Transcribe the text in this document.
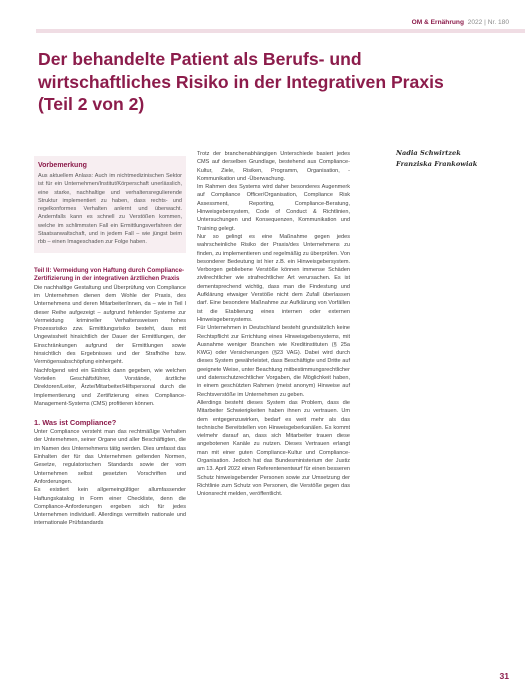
OM & Ernährung 2022 | Nr. 180
Der behandelte Patient als Berufs- und wirtschaftliches Risiko in der Integrativen Praxis (Teil 2 von 2)
Vorbemerkung

Aus aktuellem Anlass: Auch im nichtmedizinischen Sektor ist für ein Unternehmen/Institut/Körperschaft unerlässlich, eine starke, nachhaltige und verhaltensregulierende Struktur implementiert zu haben, dass rechts- und regelkonformes Verhalten anlernt und überwacht. Andernfalls kann es schnell zu Verstößen kommen, welche im schlimmsten Fall ein Ermittlungsverfahren der Staatsanwaltschaft, und in jedem Fall – wie jüngst beim rbb – einen Imageschaden zur Folge haben.

Teil II: Vermeidung von Haftung durch Compliance-Zertifizierung in der integrativen ärztlichen Praxis

Die nachhaltige Gestaltung und Überprüfung von Compliance im Unternehmen dienen dem Wohle der Praxis, des Unternehmens und deren Mitarbeiter/innen, da – wie in Teil I dieser Reihe aufgezeigt – aufgrund fehlender Systeme zur Vermeidung krimineller Verhaltensweisen hohes Prozessrisiko zzw. Ermittlungsrisiko besteht, dass mit Ungewissheit hinsichtlich der Dauer der Ermittlungen, der Einschränkungen aufgrund der Ermittlungen sowie hinsichtlich des Ergebnisses und der Strafhöhe bzw. Vermögensabschöpfung einhergeht.

Nachfolgend wird ein Einblick dann gegeben, wie welchen Vorteilen Geschäftsführer, Vorstände, ärztliche Direktoren/Leiter, Ärzte/Mitarbeiter/Hilfspersonal durch die Implementierung und Zertifizierung eines Compliance-Management-Systems (CMS) profitieren können.

1. Was ist Compliance?

Unter Compliance versteht man das rechtmäßige Verhalten der Unternehmen, seiner Organe und aller Beschäftigten, die im Namen des Unternehmens tätig werden. Dies umfasst das Einhalten der für das Unternehmen geltenden Normen, Gesetze, regulatorischen Standards sowie der vom Unternehmen selbst gesetzten Vorschriften und Anforderungen.

Es existiert kein allgemeingültiger allumfassender Haftungskatalog in Form einer Checkliste, denn die Compliance-Anforderungen ergeben sich für jedes Unternehmen individuell. Allerdings vermitteln nationale und internationale Prüfstandards

Trotz der branchenabhängigen Unterschiede basiert jedes CMS auf derselben Grundlage, bestehend aus Compliance-Kultur, Ziele, Risiken, Programm, Organisation, -Kommunikation und -Überwachung.

Im Rahmen des Systems wird daher besonderes Augenmerk auf Compliance Officer/Organisation, Compliance Risk Assessment, Reporting, Compliance-Beratung, Hinweisgebersystem, Code of Conduct & Richtlinien, Untersuchungen und Konsequenzen, Kommunikation und Training gelegt.

Nur so gelingt es eine Maßnahme gegen jedes wahrscheinliche Risiko der Praxis/des Unternehmens zu finden, zu implementieren und regelmäßig zu überprüfen. Von besonderer Bedeutung ist hier z.B. ein Hinweisgebersystem. Verborgen gebliebene Verstöße können immense Schäden zivilrechtlicher wie strafrechtlicher Art verursachen. Es ist dementsprechend wichtig, dass man die Findestung und Aufklärung etwaiger Verstöße nicht dem Zufall überlassen darf. Eine besondere Maßnahme zur Aufklärung von Vorfällen ist die Etablierung eines internen oder externen Hinweisgebersystems.

Für Unternehmen in Deutschland besteht grundsätzlich keine Rechtspflicht zur Errichtung eines Hinweisgebersystems, mit Ausnahme weniger Branchen wie Kreditinstituten (§ 25a KWG) oder Versicherungen (§23 VAG). Dabei wird durch dieses System gewährleistet, dass Beschäftigte und Dritte auf geeignete Weise, unter Beachtung mitbestimmungsrechtlicher und datenschutzrechtlicher Vorgaben, die Möglichkeit haben, in einem geschützten Rahmen (meist anonym) Hinweise auf Rechtsverstöße im Unternehmen zu geben.

Allerdings besteht dieses System das Problem, dass die Mitarbeiter Schwierigkeiten haben ihnen zu vertrauen. Um dem entgegenzuwirken, bedarf es weit mehr als das technische Bereitstellen von Hinweisgeberkanälen. Es kommt vielmehr darauf an, dass sich Mitarbeiter trauen diese angebotenen Kanäle zu nutzen. Dieses Vertrauen erlangt man mit einer guten Compliance-Kultur und Compliance-Organisation. Jedoch hat das Bundesministerium der Justiz am 13. April 2022 einen Referentenentwurf für einen besseren Schutz hinweisgebender Personen sowie zur Umsetzung der Richtlinie zum Schutz von Personen, die Verstöße gegen das Unionsrecht melden, veröffentlicht.

Nadia Schwirtzek

Franziska Frankowiak

31
